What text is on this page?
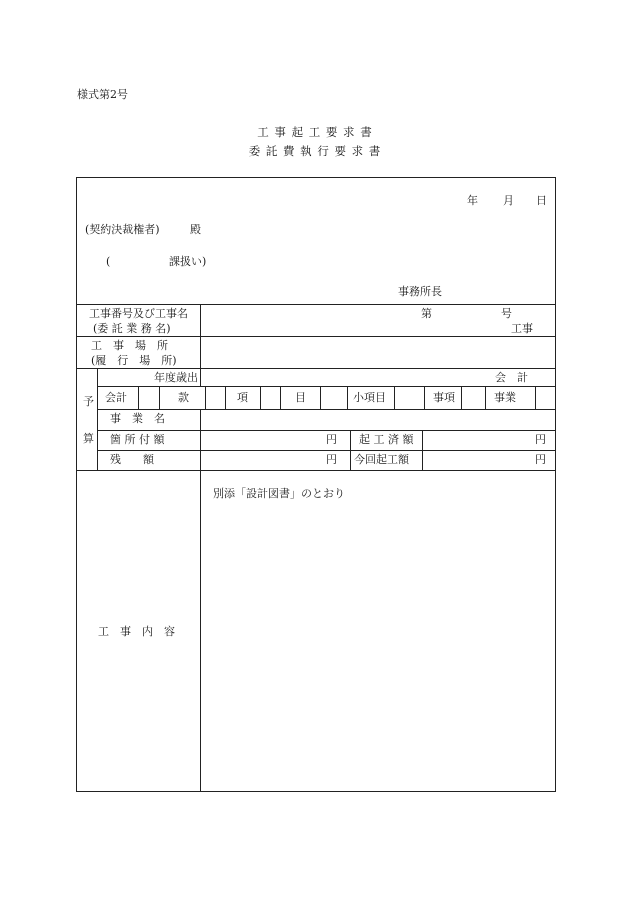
様式第2号
工 事 起 工 要 求 書
委 託 費 執 行 要 求 書
年 月 日
(契約決裁権者)	殿
(	課扱い)
事務所長
工事番号及び工事名
(委 託 業 務 名)
第	号
工事
工　事　場　所
(履　行　場　所)
予
算
年度歳出	会　計
会計	款	項	目	小項目	事項	事業
事　業　名
箇 所 付 額	円 起 工 済 額	円
残　　額	円 今回起工額	円
工　事　内　容
別添「設計図書」のとおり
